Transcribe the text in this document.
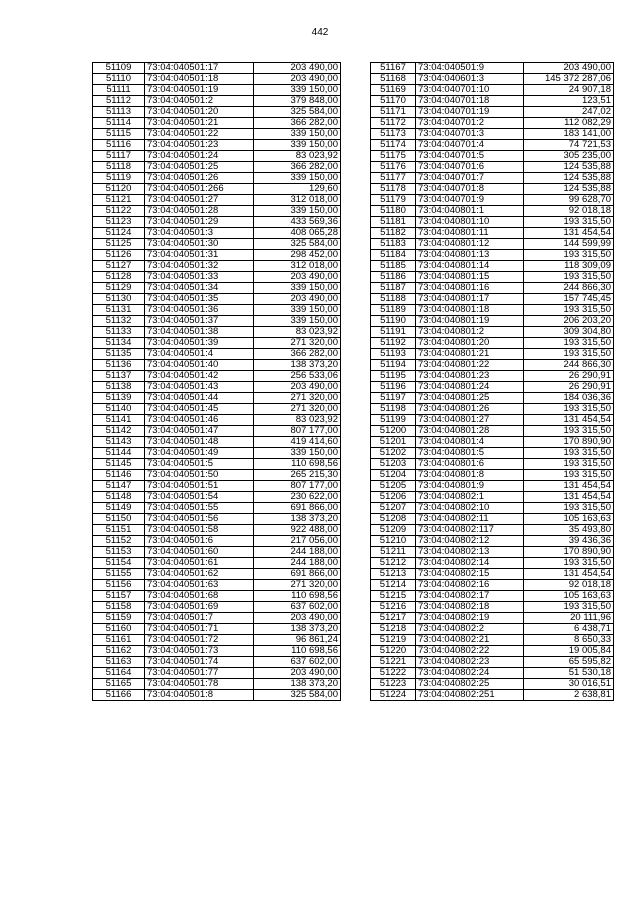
442
51109	73:04:040501:17	203 490,00
51110	73:04:040501:18	203 490,00
51111	73:04:040501:19	339 150,00
51112	73:04:040501:2	379 848,00
51113	73:04:040501:20	325 584,00
51114	73:04:040501:21	366 282,00
51115	73:04:040501:22	339 150,00
51116	73:04:040501:23	339 150,00
51117	73:04:040501:24	83 023,92
51118	73:04:040501:25	366 282,00
51119	73:04:040501:26	339 150,00
51120	73:04:040501:266	129,60
51121	73:04:040501:27	312 018,00
51122	73:04:040501:28	339 150,00
51123	73:04:040501:29	433 569,36
51124	73:04:040501:3	408 065,28
51125	73:04:040501:30	325 584,00
51126	73:04:040501:31	298 452,00
51127	73:04:040501:32	312 018,00
51128	73:04:040501:33	203 490,00
51129	73:04:040501:34	339 150,00
51130	73:04:040501:35	203 490,00
51131	73:04:040501:36	339 150,00
51132	73:04:040501:37	339 150,00
51133	73:04:040501:38	83 023,92
51134	73:04:040501:39	271 320,00
51135	73:04:040501:4	366 282,00
51136	73:04:040501:40	138 373,20
51137	73:04:040501:42	256 533,06
51138	73:04:040501:43	203 490,00
51139	73:04:040501:44	271 320,00
51140	73:04:040501:45	271 320,00
51141	73:04:040501:46	83 023,92
51142	73:04:040501:47	807 177,00
51143	73:04:040501:48	419 414,60
51144	73:04:040501:49	339 150,00
51145	73:04:040501:5	110 698,56
51146	73:04:040501:50	265 215,30
51147	73:04:040501:51	807 177,00
51148	73:04:040501:54	230 622,00
51149	73:04:040501:55	691 866,00
51150	73:04:040501:56	138 373,20
51151	73:04:040501:58	922 488,00
51152	73:04:040501:6	217 056,00
51153	73:04:040501:60	244 188,00
51154	73:04:040501:61	244 188,00
51155	73:04:040501:62	691 866,00
51156	73:04:040501:63	271 320,00
51157	73:04:040501:68	110 698,56
51158	73:04:040501:69	637 602,00
51159	73:04:040501:7	203 490,00
51160	73:04:040501:71	138 373,20
51161	73:04:040501:72	96 861,24
51162	73:04:040501:73	110 698,56
51163	73:04:040501:74	637 602,00
51164	73:04:040501:77	203 490,00
51165	73:04:040501:78	138 373,20
51166	73:04:040501:8	325 584,00
51167	73:04:040501:9	203 490,00
51168	73:04:040601:3	145 372 287,06
51169	73:04:040701:10	24 907,18
51170	73:04:040701:18	123,51
51171	73:04:040701:19	247,02
51172	73:04:040701:2	112 082,29
51173	73:04:040701:3	183 141,00
51174	73:04:040701:4	74 721,53
51175	73:04:040701:5	305 235,00
51176	73:04:040701:6	124 535,88
51177	73:04:040701:7	124 535,88
51178	73:04:040701:8	124 535,88
51179	73:04:040701:9	99 628,70
51180	73:04:040801:1	92 018,18
51181	73:04:040801:10	193 315,50
51182	73:04:040801:11	131 454,54
51183	73:04:040801:12	144 599,99
51184	73:04:040801:13	193 315,50
51185	73:04:040801:14	118 309,09
51186	73:04:040801:15	193 315,50
51187	73:04:040801:16	244 866,30
51188	73:04:040801:17	157 745,45
51189	73:04:040801:18	193 315,50
51190	73:04:040801:19	206 203,20
51191	73:04:040801:2	309 304,80
51192	73:04:040801:20	193 315,50
51193	73:04:040801:21	193 315,50
51194	73:04:040801:22	244 866,30
51195	73:04:040801:23	26 290,91
51196	73:04:040801:24	26 290,91
51197	73:04:040801:25	184 036,36
51198	73:04:040801:26	193 315,50
51199	73:04:040801:27	131 454,54
51200	73:04:040801:28	193 315,50
51201	73:04:040801:4	170 890,90
51202	73:04:040801:5	193 315,50
51203	73:04:040801:6	193 315,50
51204	73:04:040801:8	193 315,50
51205	73:04:040801:9	131 454,54
51206	73:04:040802:1	131 454,54
51207	73:04:040802:10	193 315,50
51208	73:04:040802:11	105 163,63
51209	73:04:040802:117	35 493,80
51210	73:04:040802:12	39 436,36
51211	73:04:040802:13	170 890,90
51212	73:04:040802:14	193 315,50
51213	73:04:040802:15	131 454,54
51214	73:04:040802:16	92 018,18
51215	73:04:040802:17	105 163,63
51216	73:04:040802:18	193 315,50
51217	73:04:040802:19	20 111,96
51218	73:04:040802:2	6 438,71
51219	73:04:040802:21	8 650,33
51220	73:04:040802:22	19 005,84
51221	73:04:040802:23	65 595,82
51222	73:04:040802:24	51 530,18
51223	73:04:040802:25	30 016,51
51224	73:04:040802:251	2 638,81
